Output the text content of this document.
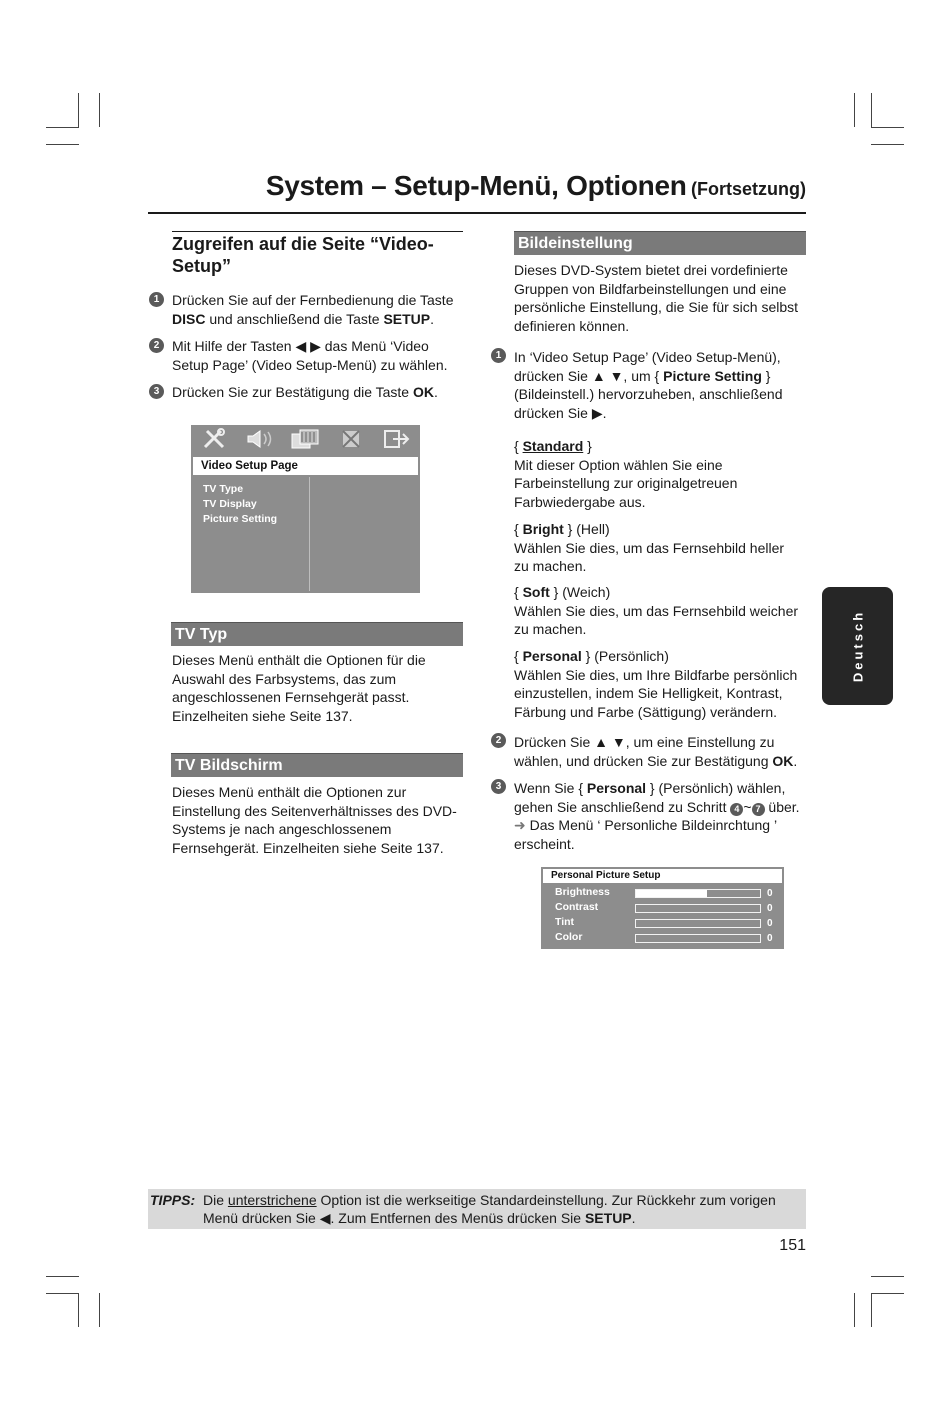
System – Setup-Menü, Optionen (Fortsetzung)
Zugreifen auf die Seite “Video-Setup”
1 Drücken Sie auf der Fernbedienung die Taste DISC und anschließend die Taste SETUP.

2 Mit Hilfe der Tasten ◀ ▶ das Menü ‘Video Setup Page’ (Video Setup-Menü) zu wählen.

3 Drücken Sie zur Bestätigung die Taste OK.

Video Setup Page
TV Type
TV Display
Picture Setting
TV Typ

Dieses Menü enthält die Optionen für die Auswahl des Farbsystems, das zum angeschlossenen Fernsehgerät passt. Einzelheiten siehe Seite 137.

TV Bildschirm

Dieses Menü enthält die Optionen zur Einstellung des Seitenverhältnisses des DVD-Systems je nach angeschlossenem Fernsehgerät. Einzelheiten siehe Seite 137.

Bildeinstellung

Dieses DVD-System bietet drei vordefinierte Gruppen von Bildfarbeinstellungen und eine persönliche Einstellung, die Sie für sich selbst definieren können.

1 In ‘Video Setup Page’ (Video Setup-Menü), drücken Sie ▲ ▼, um { Picture Setting } (Bildeinstell.) hervorzuheben, anschließend drücken Sie ▶.

{ Standard }
Mit dieser Option wählen Sie eine Farbeinstellung zur originalgetreuen Farbwiedergabe aus.

{ Bright } (Hell)
Wählen Sie dies, um das Fernsehbild heller zu machen.

{ Soft } (Weich)
Wählen Sie dies, um das Fernsehbild weicher zu machen.

{ Personal } (Persönlich)
Wählen Sie dies, um Ihre Bildfarbe persönlich einzustellen, indem Sie Helligkeit, Kontrast, Färbung und Farbe (Sättigung) verändern.

2 Drücken Sie ▲ ▼, um eine Einstellung zu wählen, und drücken Sie zur Bestätigung OK.

3 Wenn Sie { Personal } (Persönlich) wählen, gehen Sie anschließend zu Schritt 4 ~ 7 über.
➜ Das Menü ‘ Personliche Bildeinrchtung ’ erscheint.

Personal Picture Setup
Brightness	0
Contrast	0
Tint	0
Color	0
Deutsch
TIPPS: Die unterstrichene Option ist die werkseitige Standardeinstellung. Zur Rückkehr zum vorigen Menü drücken Sie ◀. Zum Entfernen des Menüs drücken Sie SETUP.
151
